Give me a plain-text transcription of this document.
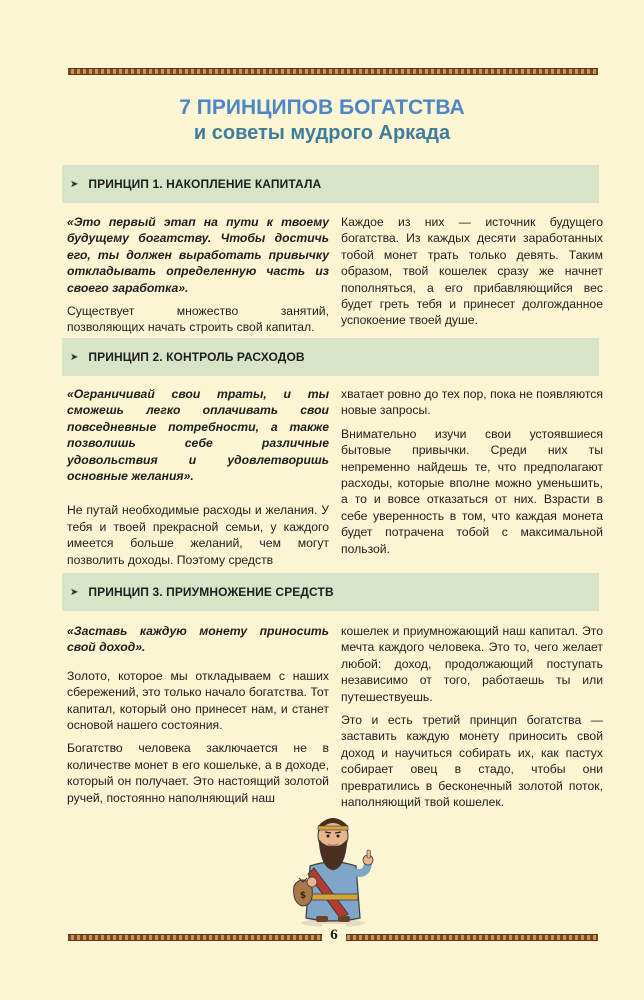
7 ПРИНЦИПОВ БОГАТСТВА
и советы мудрого Аркада
➤ ПРИНЦИП 1. НАКОПЛЕНИЕ КАПИТАЛА

«Это первый этап на пути к твоему будущему богатству. Чтобы достичь его, ты должен выработать привычку откладывать определенную часть из своего заработка».

Существует множество занятий, позволяющих начать строить свой капитал.

Каждое из них — источник будущего богатства. Из каждых десяти заработанных тобой монет трать только девять. Таким образом, твой кошелек сразу же начнет пополняться, а его прибавляющийся вес будет греть тебя и принесет долгожданное успокоение твоей душе.

➤ ПРИНЦИП 2. КОНТРОЛЬ РАСХОДОВ

«Ограничивай свои траты, и ты сможешь легко оплачивать свои повседневные потребности, а также позволишь себе различные удовольствия и удовлетворишь основные желания».

Не путай необходимые расходы и желания. У тебя и твоей прекрасной семьи, у каждого имеется больше желаний, чем могут позволить доходы. Поэтому средств

хватает ровно до тех пор, пока не появляются новые запросы.

Внимательно изучи свои устоявшиеся бытовые привычки. Среди них ты непременно найдешь те, что предполагают расходы, которые вполне можно уменьшить, а то и вовсе отказаться от них. Взрасти в себе уверенность в том, что каждая монета будет потрачена тобой с максимальной пользой.

➤ ПРИНЦИП 3. ПРИУМНОЖЕНИЕ СРЕДСТВ

«Заставь каждую монету приносить свой доход».

Золото, которое мы откладываем с наших сбережений, это только начало богатства. Тот капитал, который оно принесет нам, и станет основой нашего состояния.

Богатство человека заключается не в количестве монет в его кошельке, а в доходе, который он получает. Это настоящий золотой ручей, постоянно наполняющий наш

кошелек и приумножающий наш капитал. Это мечта каждого человека. Это то, чего желает любой: доход, продолжающий поступать независимо от того, работаешь ты или путешествуешь.

Это и есть третий принцип богатства — заставить каждую монету приносить свой доход и научиться собирать их, как пастух собирает овец в стадо, чтобы они превратились в бесконечный золотой поток, наполняющий твой кошелек.

$
6
